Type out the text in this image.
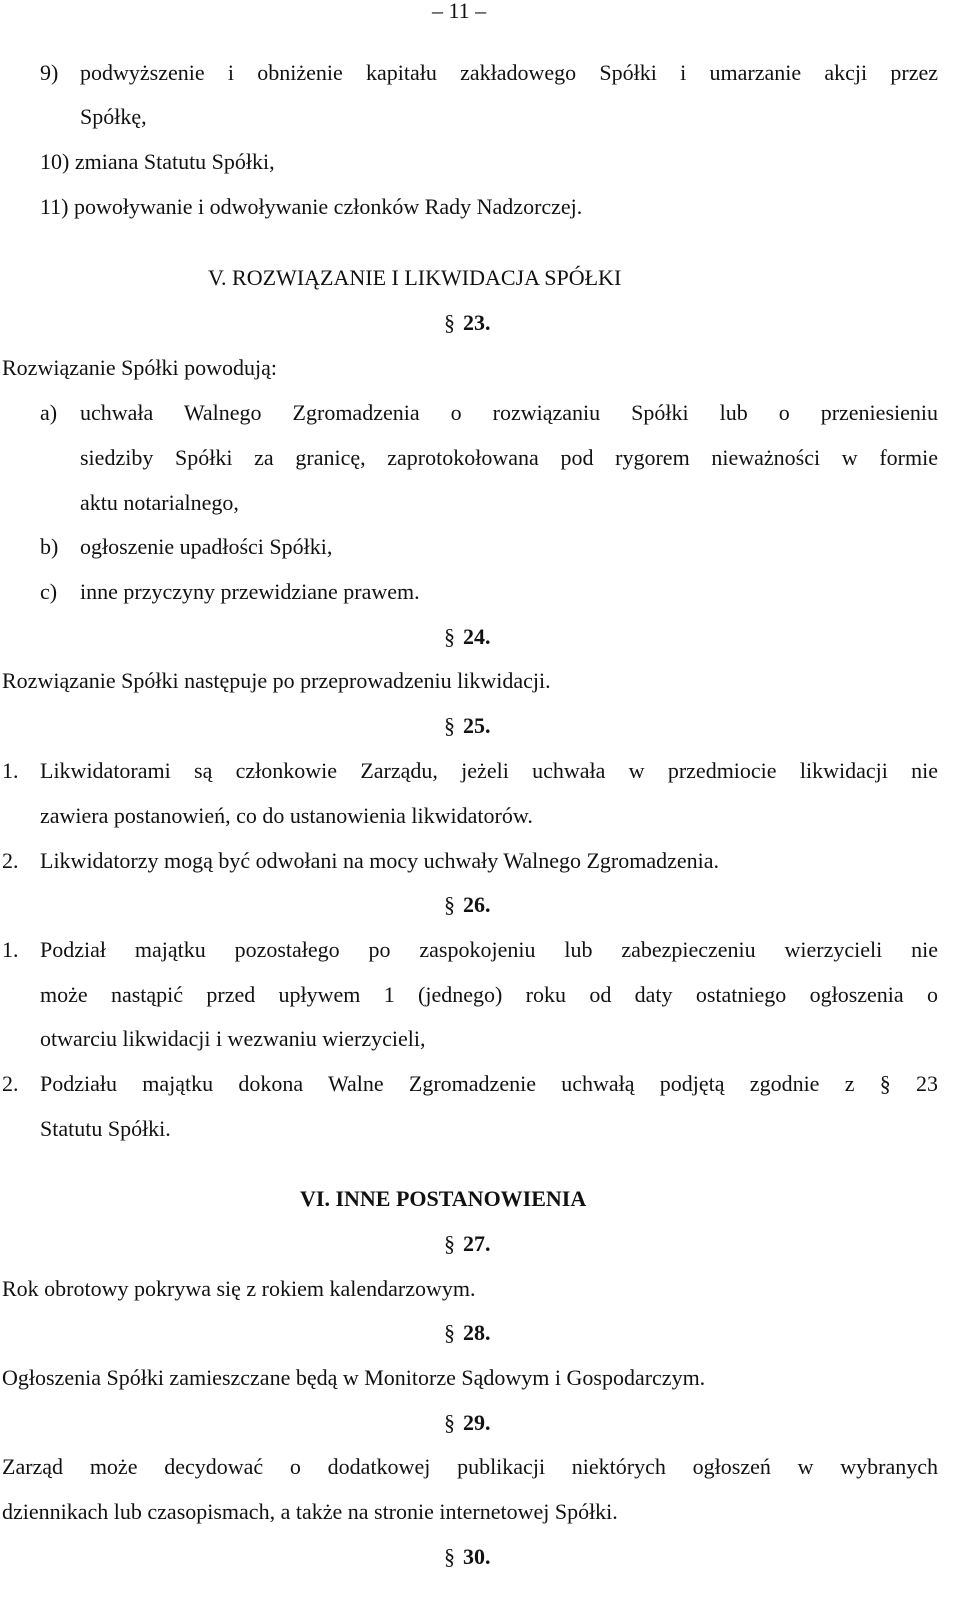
– 11 –
9) podwyższenie i obniżenie kapitału zakładowego Spółki i umarzanie akcji przez
Spółkę,
10) zmiana Statutu Spółki,
11) powoływanie i odwoływanie członków Rady Nadzorczej.
V. ROZWIĄZANIE I LIKWIDACJA SPÓŁKI
§ 23.
Rozwiązanie Spółki powodują:
a) uchwała Walnego Zgromadzenia o rozwiązaniu Spółki lub o przeniesieniu
siedziby Spółki za granicę, zaprotokołowana pod rygorem nieważności w formie
aktu notarialnego,
b) ogłoszenie upadłości Spółki,
c) inne przyczyny przewidziane prawem.
§ 24.
Rozwiązanie Spółki następuje po przeprowadzeniu likwidacji.
§ 25.
1. Likwidatorami są członkowie Zarządu, jeżeli uchwała w przedmiocie likwidacji nie
zawiera postanowień, co do ustanowienia likwidatorów.
2. Likwidatorzy mogą być odwołani na mocy uchwały Walnego Zgromadzenia.
§ 26.
1. Podział majątku pozostałego po zaspokojeniu lub zabezpieczeniu wierzycieli nie
może nastąpić przed upływem 1 (jednego) roku od daty ostatniego ogłoszenia o
otwarciu likwidacji i wezwaniu wierzycieli,
2. Podziału majątku dokona Walne Zgromadzenie uchwałą podjętą zgodnie z § 23
Statutu Spółki.
VI. INNE POSTANOWIENIA
§ 27.
Rok obrotowy pokrywa się z rokiem kalendarzowym.
§ 28.
Ogłoszenia Spółki zamieszczane będą w Monitorze Sądowym i Gospodarczym.
§ 29.
Zarząd może decydować o dodatkowej publikacji niektórych ogłoszeń w wybranych
dziennikach lub czasopismach, a także na stronie internetowej Spółki.
§ 30.
